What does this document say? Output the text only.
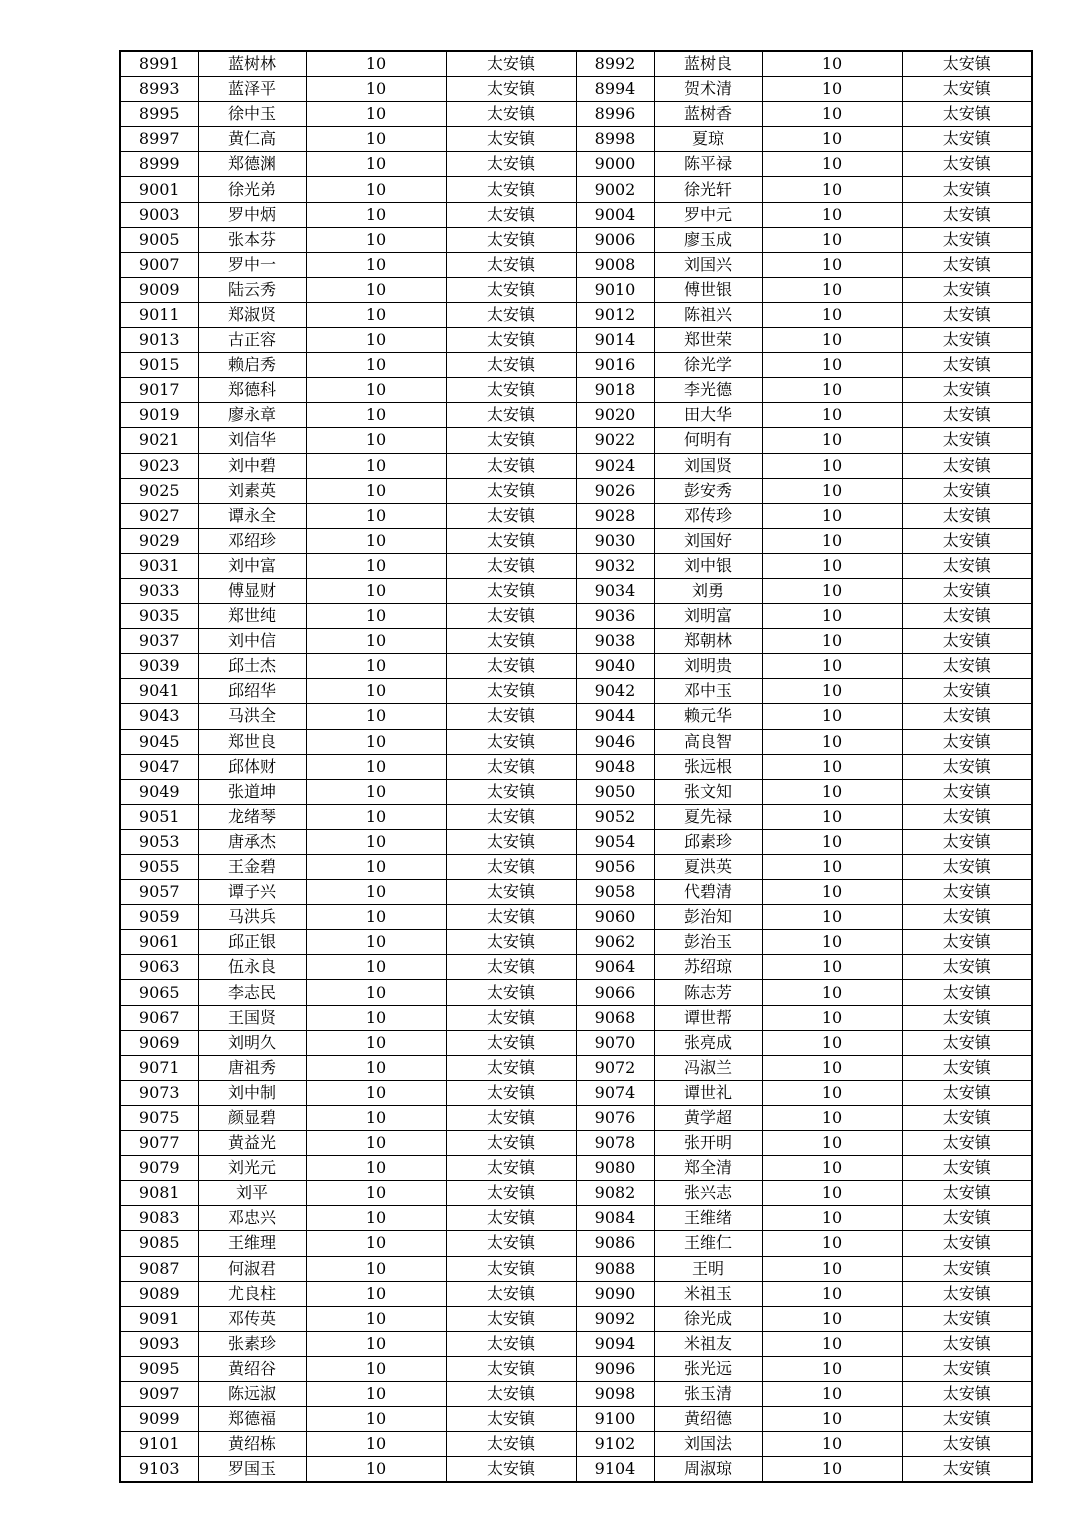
8991	蓝树林	10	太安镇	8992	蓝树良	10	太安镇
8993	蓝泽平	10	太安镇	8994	贺术清	10	太安镇
8995	徐中玉	10	太安镇	8996	蓝树香	10	太安镇
8997	黄仁高	10	太安镇	8998	夏琼	10	太安镇
8999	郑德渊	10	太安镇	9000	陈平禄	10	太安镇
9001	徐光弟	10	太安镇	9002	徐光轩	10	太安镇
9003	罗中炳	10	太安镇	9004	罗中元	10	太安镇
9005	张本芬	10	太安镇	9006	廖玉成	10	太安镇
9007	罗中一	10	太安镇	9008	刘国兴	10	太安镇
9009	陆云秀	10	太安镇	9010	傅世银	10	太安镇
9011	郑淑贤	10	太安镇	9012	陈祖兴	10	太安镇
9013	古正容	10	太安镇	9014	郑世荣	10	太安镇
9015	赖启秀	10	太安镇	9016	徐光学	10	太安镇
9017	郑德科	10	太安镇	9018	李光德	10	太安镇
9019	廖永章	10	太安镇	9020	田大华	10	太安镇
9021	刘信华	10	太安镇	9022	何明有	10	太安镇
9023	刘中碧	10	太安镇	9024	刘国贤	10	太安镇
9025	刘素英	10	太安镇	9026	彭安秀	10	太安镇
9027	谭永全	10	太安镇	9028	邓传珍	10	太安镇
9029	邓绍珍	10	太安镇	9030	刘国好	10	太安镇
9031	刘中富	10	太安镇	9032	刘中银	10	太安镇
9033	傅显财	10	太安镇	9034	刘勇	10	太安镇
9035	郑世纯	10	太安镇	9036	刘明富	10	太安镇
9037	刘中信	10	太安镇	9038	郑朝林	10	太安镇
9039	邱士杰	10	太安镇	9040	刘明贵	10	太安镇
9041	邱绍华	10	太安镇	9042	邓中玉	10	太安镇
9043	马洪全	10	太安镇	9044	赖元华	10	太安镇
9045	郑世良	10	太安镇	9046	高良智	10	太安镇
9047	邱体财	10	太安镇	9048	张远根	10	太安镇
9049	张道坤	10	太安镇	9050	张文知	10	太安镇
9051	龙绪琴	10	太安镇	9052	夏先禄	10	太安镇
9053	唐承杰	10	太安镇	9054	邱素珍	10	太安镇
9055	王金碧	10	太安镇	9056	夏洪英	10	太安镇
9057	谭子兴	10	太安镇	9058	代碧清	10	太安镇
9059	马洪兵	10	太安镇	9060	彭治知	10	太安镇
9061	邱正银	10	太安镇	9062	彭治玉	10	太安镇
9063	伍永良	10	太安镇	9064	苏绍琼	10	太安镇
9065	李志民	10	太安镇	9066	陈志芳	10	太安镇
9067	王国贤	10	太安镇	9068	谭世帮	10	太安镇
9069	刘明久	10	太安镇	9070	张亮成	10	太安镇
9071	唐祖秀	10	太安镇	9072	冯淑兰	10	太安镇
9073	刘中制	10	太安镇	9074	谭世礼	10	太安镇
9075	颜显碧	10	太安镇	9076	黄学超	10	太安镇
9077	黄益光	10	太安镇	9078	张开明	10	太安镇
9079	刘光元	10	太安镇	9080	郑全清	10	太安镇
9081	刘平	10	太安镇	9082	张兴志	10	太安镇
9083	邓忠兴	10	太安镇	9084	王维绪	10	太安镇
9085	王维理	10	太安镇	9086	王维仁	10	太安镇
9087	何淑君	10	太安镇	9088	王明	10	太安镇
9089	尤良柱	10	太安镇	9090	米祖玉	10	太安镇
9091	邓传英	10	太安镇	9092	徐光成	10	太安镇
9093	张素珍	10	太安镇	9094	米祖友	10	太安镇
9095	黄绍谷	10	太安镇	9096	张光远	10	太安镇
9097	陈远淑	10	太安镇	9098	张玉清	10	太安镇
9099	郑德福	10	太安镇	9100	黄绍德	10	太安镇
9101	黄绍栋	10	太安镇	9102	刘国法	10	太安镇
9103	罗国玉	10	太安镇	9104	周淑琼	10	太安镇
